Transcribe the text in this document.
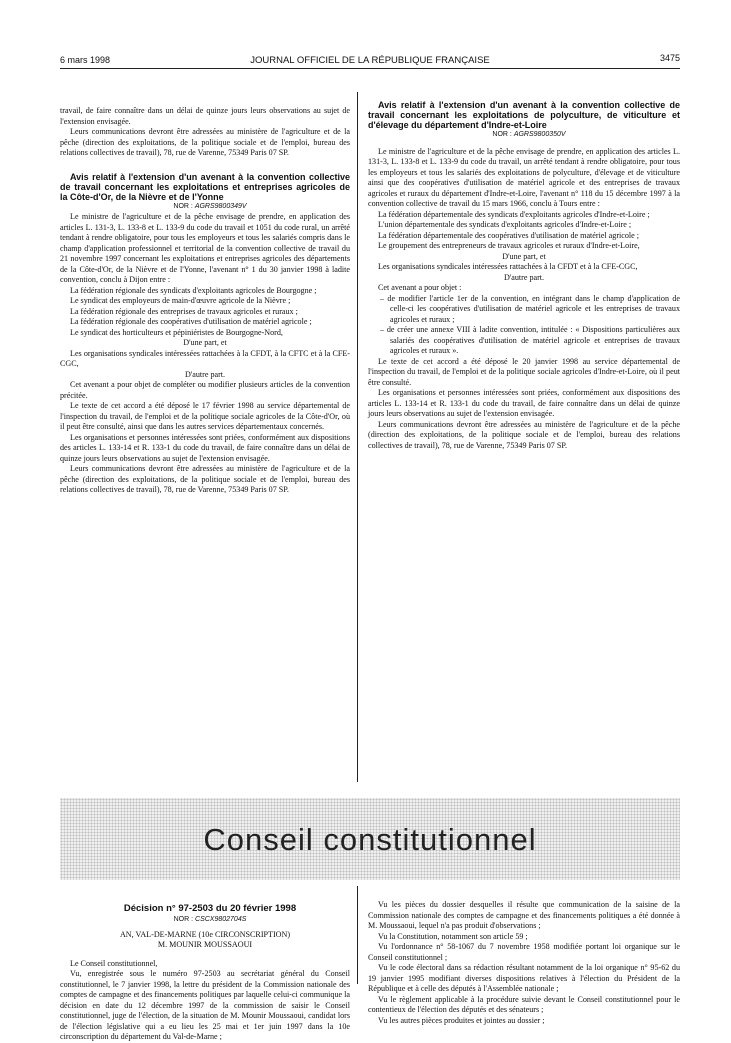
6 mars 1998	JOURNAL OFFICIEL DE LA RÉPUBLIQUE FRANÇAISE	3475

travail, de faire connaître dans un délai de quinze jours leurs observations au sujet de l'extension envisagée.

Leurs communications devront être adressées au ministère de l'agriculture et de la pêche (direction des exploitations, de la politique sociale et de l'emploi, bureau des relations collectives de travail), 78, rue de Varenne, 75349 Paris 07 SP.

Avis relatif à l'extension d'un avenant à la convention collective de travail concernant les exploitations et entreprises agricoles de la Côte-d'Or, de la Nièvre et de l'Yonne

NOR : AGRS9800349V

Le ministre de l'agriculture et de la pêche envisage de prendre, en application des articles L. 131-3, L. 133-8 et L. 133-9 du code du travail et 1051 du code rural, un arrêté tendant à rendre obligatoire, pour tous les employeurs et tous les salariés compris dans le champ d'application professionnel et territorial de la convention collective de travail du 21 novembre 1997 concernant les exploitations et entreprises agricoles des départements de la Côte-d'Or, de la Nièvre et de l'Yonne, l'avenant n° 1 du 30 janvier 1998 à ladite convention, conclu à Dijon entre :

La fédération régionale des syndicats d'exploitants agricoles de Bourgogne ;

Le syndicat des employeurs de main-d'œuvre agricole de la Nièvre ;

La fédération régionale des entreprises de travaux agricoles et ruraux ;

La fédération régionale des coopératives d'utilisation de matériel agricole ;

Le syndicat des horticulteurs et pépiniéristes de Bourgogne-Nord,

D'une part, et

Les organisations syndicales intéressées rattachées à la CFDT, à la CFTC et à la CFE-CGC,

D'autre part.

Cet avenant a pour objet de compléter ou modifier plusieurs articles de la convention précitée.

Le texte de cet accord a été déposé le 17 février 1998 au service départemental de l'inspection du travail, de l'emploi et de la politique sociale agricoles de la Côte-d'Or, où il peut être consulté, ainsi que dans les autres services départementaux concernés.

Les organisations et personnes intéressées sont priées, conformément aux dispositions des articles L. 133-14 et R. 133-1 du code du travail, de faire connaître dans un délai de quinze jours leurs observations au sujet de l'extension envisagée.

Leurs communications devront être adressées au ministère de l'agriculture et de la pêche (direction des exploitations, de la politique sociale et de l'emploi, bureau des relations collectives de travail), 78, rue de Varenne, 75349 Paris 07 SP.

Avis relatif à l'extension d'un avenant à la convention collective de travail concernant les exploitations de polyculture, de viticulture et d'élevage du département d'Indre-et-Loire

NOR : AGRS9800350V

Le ministre de l'agriculture et de la pêche envisage de prendre, en application des articles L. 131-3, L. 133-8 et L. 133-9 du code du travail, un arrêté tendant à rendre obligatoire, pour tous les employeurs et tous les salariés des exploitations de polyculture, d'élevage et de viticulture ainsi que des coopératives d'utilisation de matériel agricole et des entreprises de travaux agricoles et ruraux du département d'Indre-et-Loire, l'avenant n° 118 du 15 décembre 1997 à la convention collective de travail du 15 mars 1966, conclu à Tours entre :

La fédération départementale des syndicats d'exploitants agricoles d'Indre-et-Loire ;

L'union départementale des syndicats d'exploitants agricoles d'Indre-et-Loire ;

La fédération départementale des coopératives d'utilisation de matériel agricole ;

Le groupement des entrepreneurs de travaux agricoles et ruraux d'Indre-et-Loire,

D'une part, et

Les organisations syndicales intéressées rattachées à la CFDT et à la CFE-CGC,

D'autre part.

Cet avenant a pour objet :

– de modifier l'article 1er de la convention, en intégrant dans le champ d'application de celle-ci les coopératives d'utilisation de matériel agricole et les entreprises de travaux agricoles et ruraux ;

– de créer une annexe VIII à ladite convention, intitulée : « Dispositions particulières aux salariés des coopératives d'utilisation de matériel agricole et entreprises de travaux agricoles et ruraux ».

Le texte de cet accord a été déposé le 20 janvier 1998 au service départemental de l'inspection du travail, de l'emploi et de la politique sociale agricoles d'Indre-et-Loire, où il peut être consulté.

Les organisations et personnes intéressées sont priées, conformément aux dispositions des articles L. 133-14 et R. 133-1 du code du travail, de faire connaître dans un délai de quinze jours leurs observations au sujet de l'extension envisagée.

Leurs communications devront être adressées au ministère de l'agriculture et de la pêche (direction des exploitations, de la politique sociale et de l'emploi, bureau des relations collectives de travail), 78, rue de Varenne, 75349 Paris 07 SP.

Conseil constitutionnel

Décision n° 97-2503 du 20 février 1998

NOR : CSCX9802704S

AN, VAL-DE-MARNE (10e CIRCONSCRIPTION)

M. MOUNIR MOUSSAOUI

Le Conseil constitutionnel,

Vu, enregistrée sous le numéro 97-2503 au secrétariat général du Conseil constitutionnel, le 7 janvier 1998, la lettre du président de la Commission nationale des comptes de campagne et des financements politiques par laquelle celui-ci communique la décision en date du 12 décembre 1997 de la commission de saisir le Conseil constitutionnel, juge de l'élection, de la situation de M. Mounir Moussaoui, candidat lors de l'élection législative qui a eu lieu les 25 mai et 1er juin 1997 dans la 10e circonscription du département du Val-de-Marne ;

Vu les pièces du dossier desquelles il résulte que communication de la saisine de la Commission nationale des comptes de campagne et des financements politiques a été donnée à M. Moussaoui, lequel n'a pas produit d'observations ;

Vu la Constitution, notamment son article 59 ;

Vu l'ordonnance n° 58-1067 du 7 novembre 1958 modifiée portant loi organique sur le Conseil constitutionnel ;

Vu le code électoral dans sa rédaction résultant notamment de la loi organique n° 95-62 du 19 janvier 1995 modifiant diverses dispositions relatives à l'élection du Président de la République et à celle des députés à l'Assemblée nationale ;

Vu le règlement applicable à la procédure suivie devant le Conseil constitutionnel pour le contentieux de l'élection des députés et des sénateurs ;

Vu les autres pièces produites et jointes au dossier ;
